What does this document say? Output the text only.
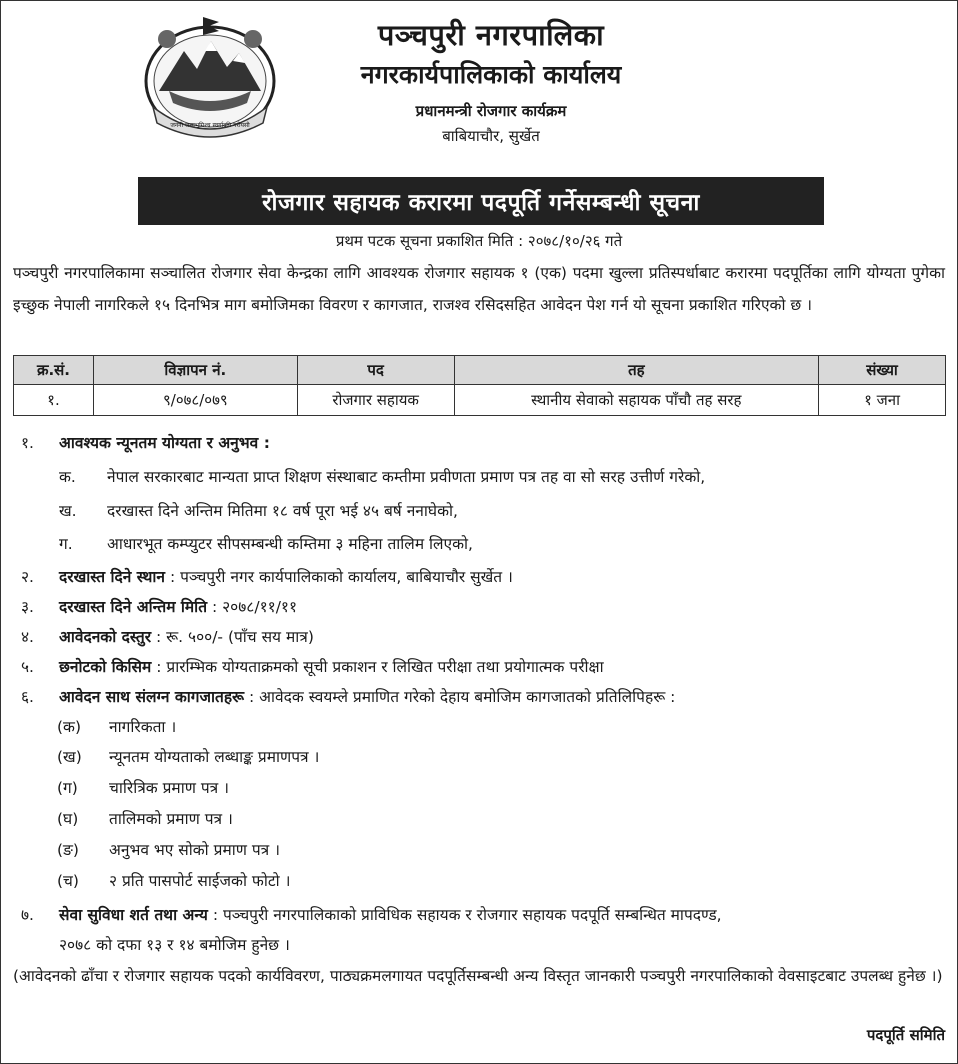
जननी जन्मभूमिश्च स्वर्गादपि गरीयसी
पञ्चपुरी नगरपालिका
नगरकार्यपालिकाको कार्यालय
प्रधानमन्त्री रोजगार कार्यक्रम
बाबियाचौर, सुर्खेत
रोजगार सहायक करारमा पदपूर्ति गर्नेसम्बन्धी सूचना
प्रथम पटक सूचना प्रकाशित मिति : २०७८/१०/२६ गते
पञ्चपुरी नगरपालिकामा सञ्चालित रोजगार सेवा केन्द्रका लागि आवश्यक रोजगार सहायक १ (एक) पदमा खुल्ला प्रतिस्पर्धाबाट करारमा पदपूर्तिका लागि योग्यता पुगेका इच्छुक नेपाली नागरिकले १५ दिनभित्र माग बमोजिमका विवरण र कागजात, राजश्व रसिदसहित आवेदन पेश गर्न यो सूचना प्रकाशित गरिएको छ ।
क्र.सं.	विज्ञापन नं.	पद	तह	संख्या
१.	९/०७८/०७९	रोजगार सहायक	स्थानीय सेवाको सहायक पाँचौ तह सरह	१ जना
१. आवश्यक न्यूनतम योग्यता र अनुभव :
क. नेपाल सरकारबाट मान्यता प्राप्त शिक्षण संस्थाबाट कम्तीमा प्रवीणता प्रमाण पत्र तह वा सो सरह उत्तीर्ण गरेको,
ख. दरखास्त दिने अन्तिम मितिमा १८ वर्ष पूरा भई ४५ बर्ष ननाघेको,
ग. आधारभूत कम्प्युटर सीपसम्बन्धी कम्तिमा ३ महिना तालिम लिएको,
२. दरखास्त दिने स्थान : पञ्चपुरी नगर कार्यपालिकाको कार्यालय, बाबियाचौर सुर्खेत ।
३. दरखास्त दिने अन्तिम मिति : २०७८/११/११
४. आवेदनको दस्तुर : रू. ५००/- (पाँच सय मात्र)
५. छनोटको किसिम : प्रारम्भिक योग्यताक्रमको सूची प्रकाशन र लिखित परीक्षा तथा प्रयोगात्मक परीक्षा
६. आवेदन साथ संलग्न कागजातहरू : आवेदक स्वयम्ले प्रमाणित गरेको देहाय बमोजिम कागजातको प्रतिलिपिहरू :
(क) नागरिकता ।
(ख) न्यूनतम योग्यताको लब्धाङ्क प्रमाणपत्र ।
(ग) चारित्रिक प्रमाण पत्र ।
(घ) तालिमको प्रमाण पत्र ।
(ङ) अनुभव भए सोको प्रमाण पत्र ।
(च) २ प्रति पासपोर्ट साईजको फोटो ।
७. सेवा सुविधा शर्त तथा अन्य : पञ्चपुरी नगरपालिकाको प्राविधिक सहायक र रोजगार सहायक पदपूर्ति सम्बन्धित मापदण्ड,
२०७८ को दफा १३ र १४ बमोजिम हुनेछ ।
(आवेदनको ढाँचा र रोजगार सहायक पदको कार्यविवरण, पाठ्यक्रमलगायत पदपूर्तिसम्बन्धी अन्य विस्तृत जानकारी पञ्चपुरी नगरपालिकाको वेवसाइटबाट उपलब्ध हुनेछ ।)
पदपूर्ति समिति
